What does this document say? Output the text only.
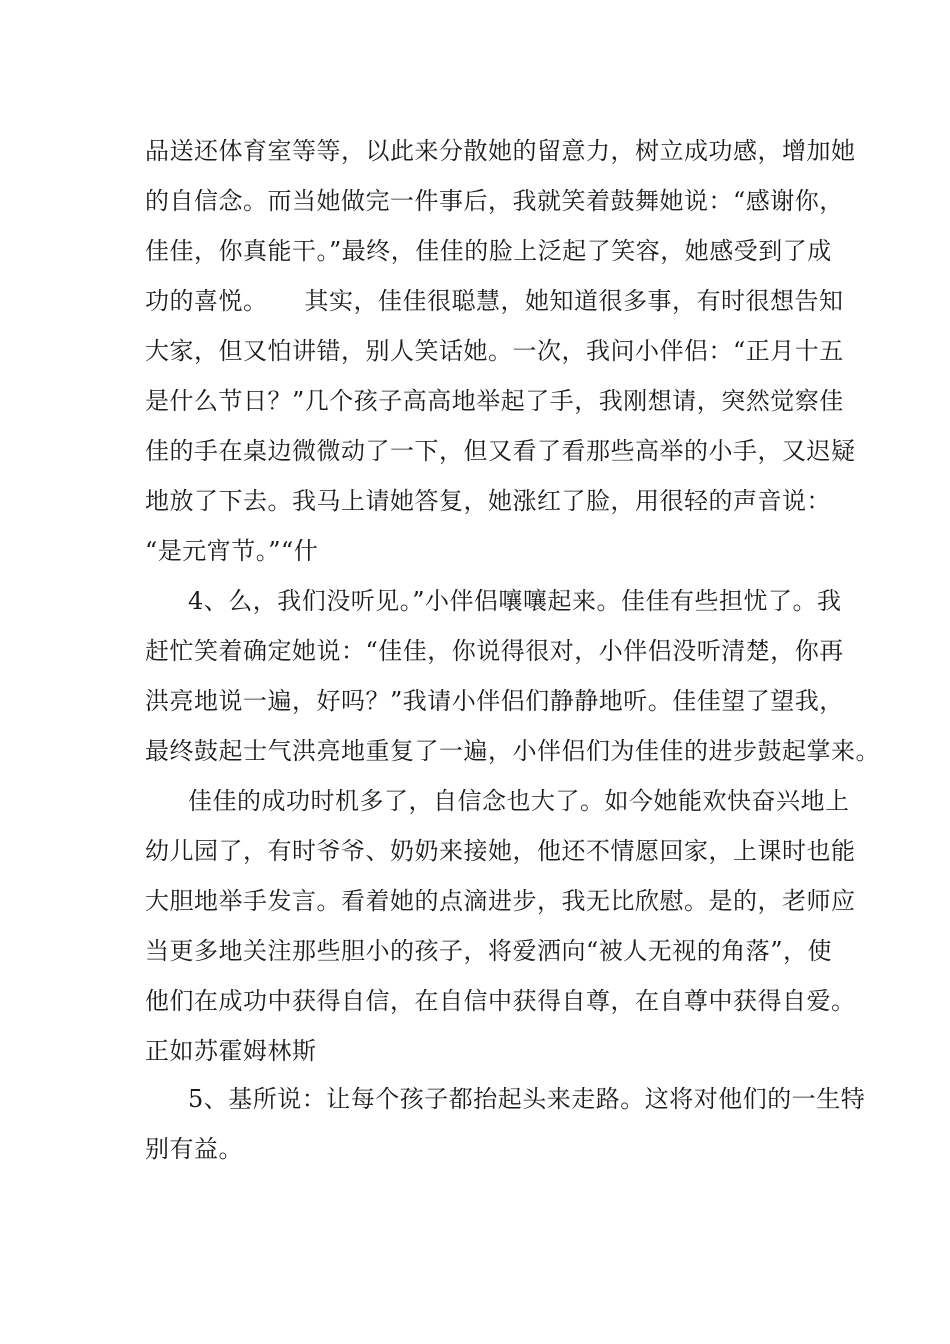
品送还体育室等等，以此来分散她的留意力，树立成功感，增加她
的自信念。而当她做完一件事后，我就笑着鼓舞她说：“感谢你，
佳佳，你真能干。”最终，佳佳的脸上泛起了笑容，她感受到了成
功的喜悦。　　其实，佳佳很聪慧，她知道很多事，有时很想告知
大家，但又怕讲错，别人笑话她。一次，我问小伴侣：“正月十五
是什么节日？”几个孩子高高地举起了手，我刚想请，突然觉察佳
佳的手在桌边微微动了一下，但又看了看那些高举的小手，又迟疑
地放了下去。我马上请她答复，她涨红了脸，用很轻的声音说：
“是元宵节。”“什
4、么，我们没听见。”小伴侣嚷嚷起来。佳佳有些担忧了。我
赶忙笑着确定她说：“佳佳，你说得很对，小伴侣没听清楚，你再
洪亮地说一遍，好吗？”我请小伴侣们静静地听。佳佳望了望我，
最终鼓起士气洪亮地重复了一遍，小伴侣们为佳佳的进步鼓起掌来。
佳佳的成功时机多了，自信念也大了。如今她能欢快奋兴地上
幼儿园了，有时爷爷、奶奶来接她，他还不情愿回家，上课时也能
大胆地举手发言。看着她的点滴进步，我无比欣慰。是的，老师应
当更多地关注那些胆小的孩子，将爱洒向“被人无视的角落”，使
他们在成功中获得自信，在自信中获得自尊，在自尊中获得自爱。
正如苏霍姆林斯
5、基所说：让每个孩子都抬起头来走路。这将对他们的一生特
别有益。
